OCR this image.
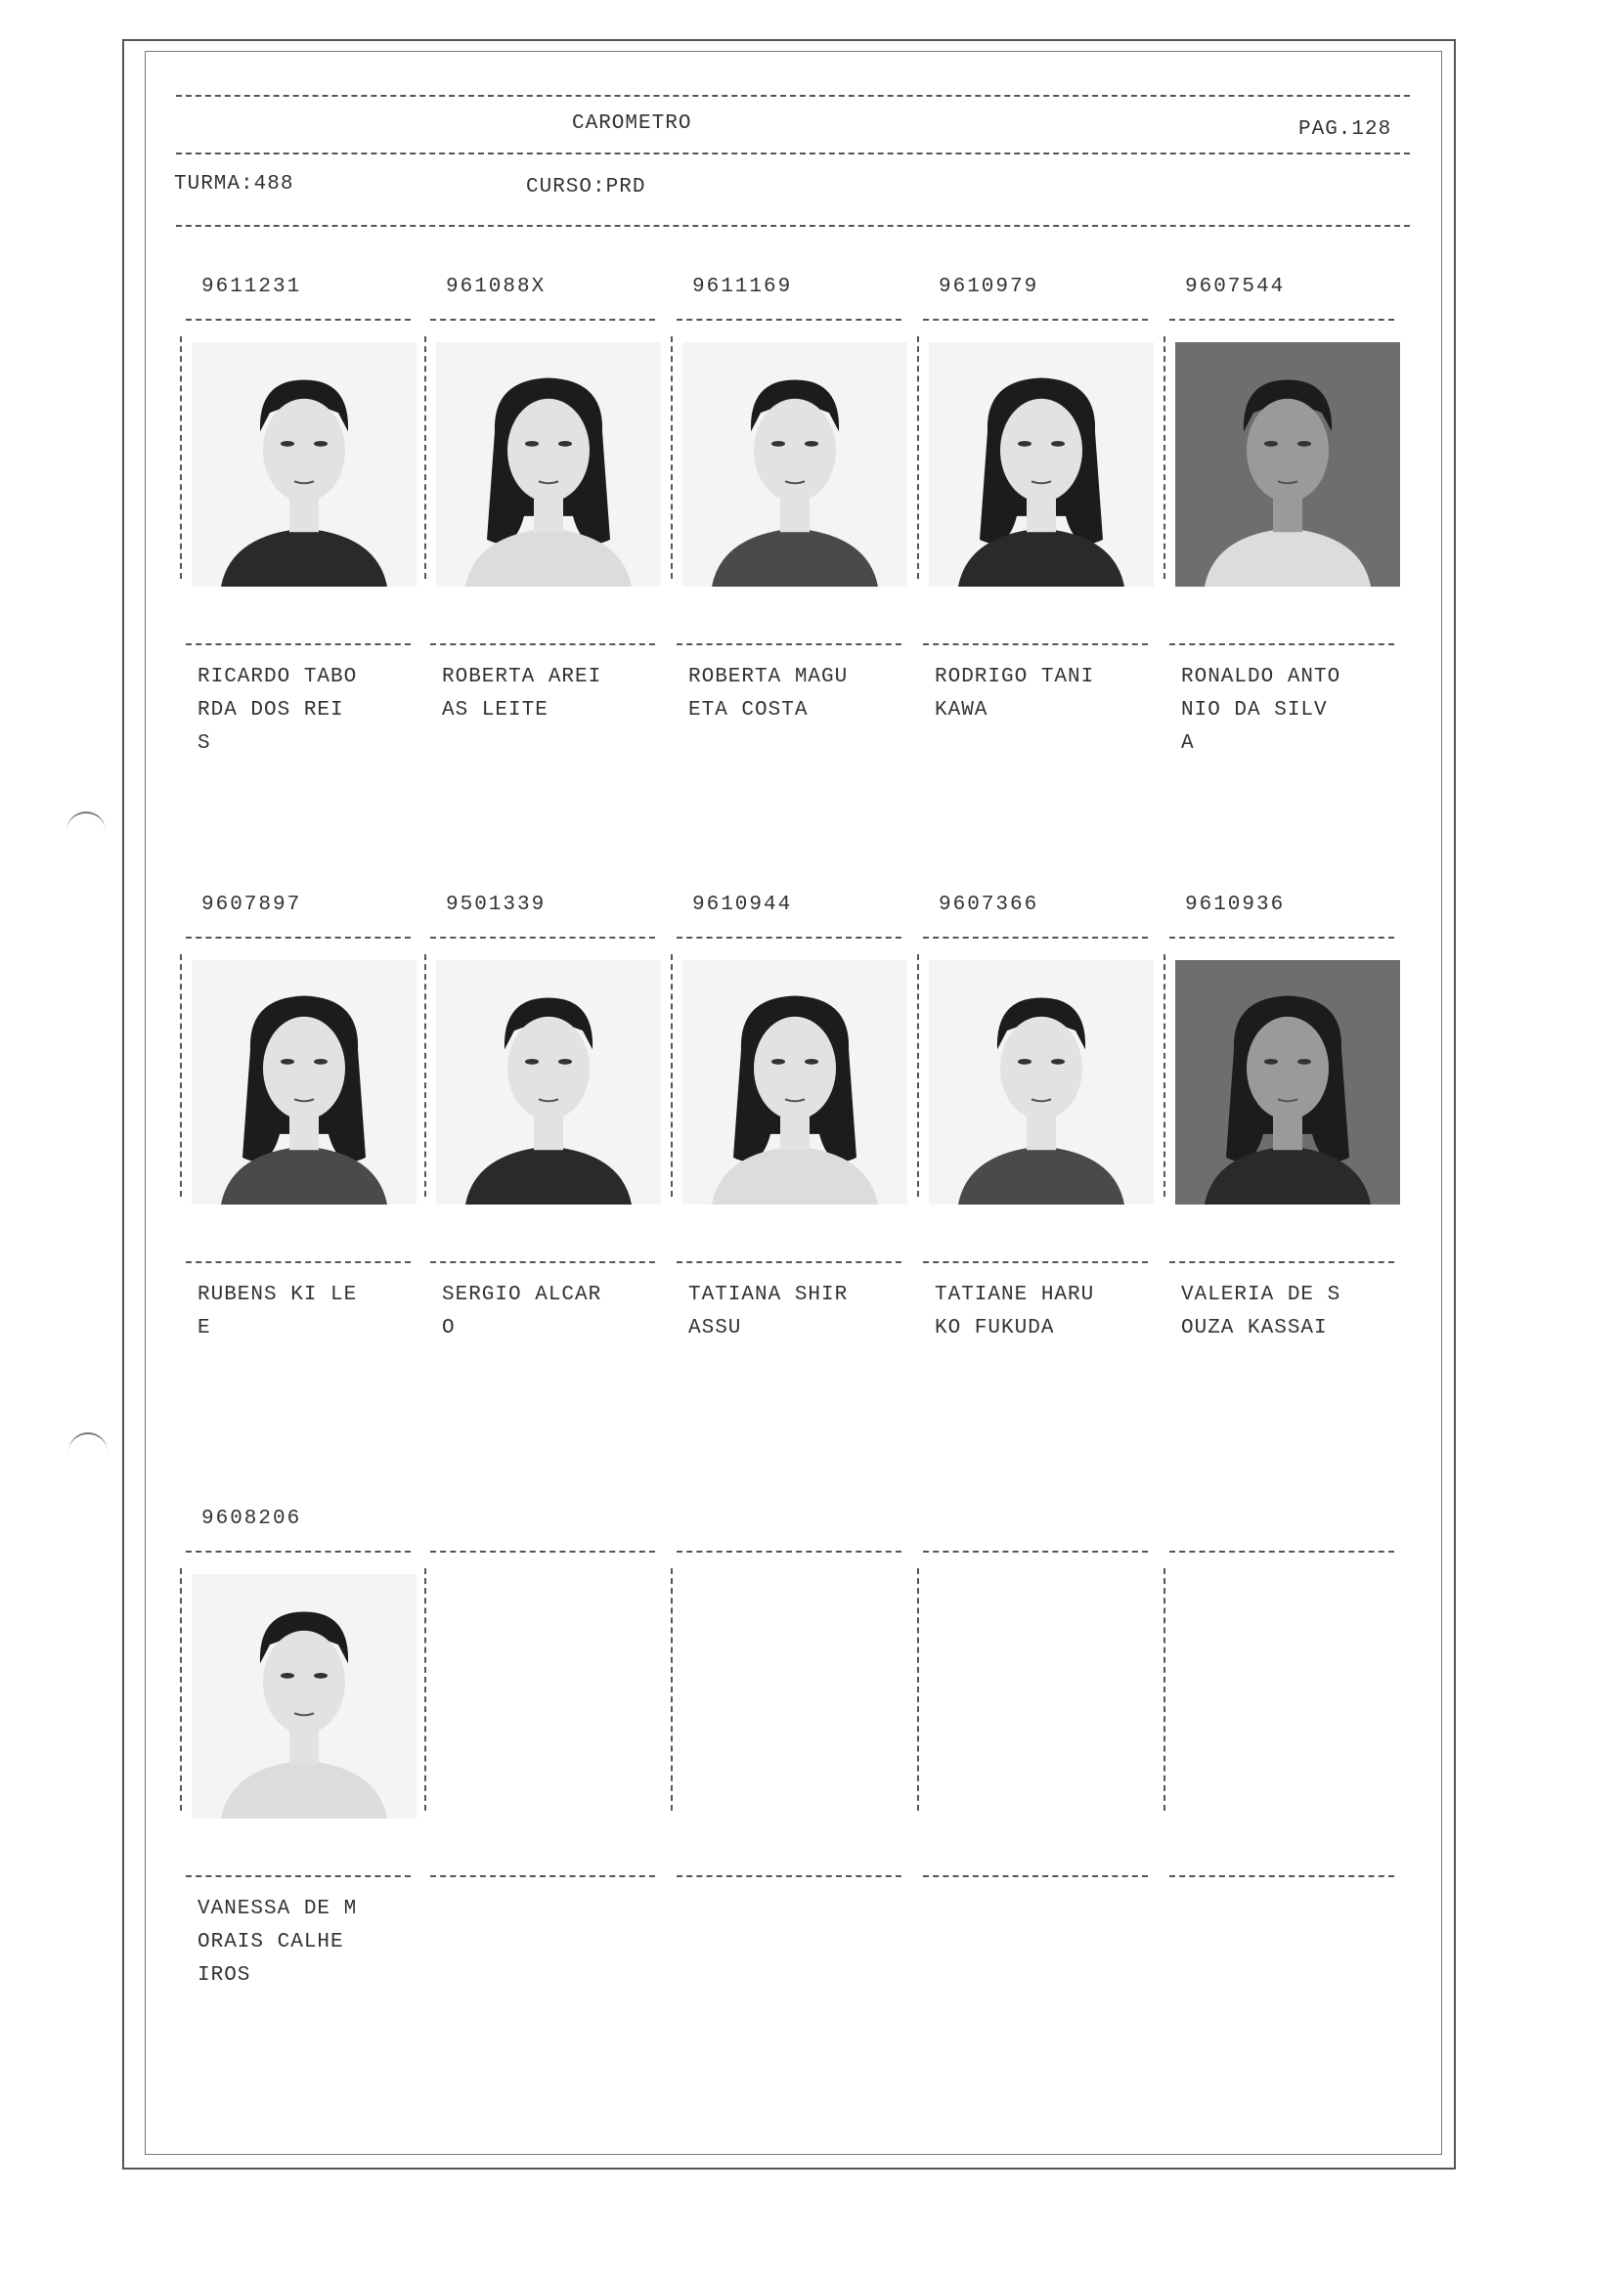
CAROMETRO	PAG.128
TURMA:488	CURSO:PRD
9611231
RICARDO TABO
RDA DOS REI
S
961088X
ROBERTA AREI
AS LEITE
9611169
ROBERTA MAGU
ETA COSTA
9610979
RODRIGO TANI
KAWA
9607544
RONALDO ANTO
NIO DA SILV
A
9607897
RUBENS KI LE
E
9501339
SERGIO ALCAR
O
9610944
TATIANA SHIR
ASSU
9607366
TATIANE HARU
KO FUKUDA
9610936
VALERIA DE S
OUZA KASSAI
9608206
VANESSA DE M
ORAIS CALHE
IROS
